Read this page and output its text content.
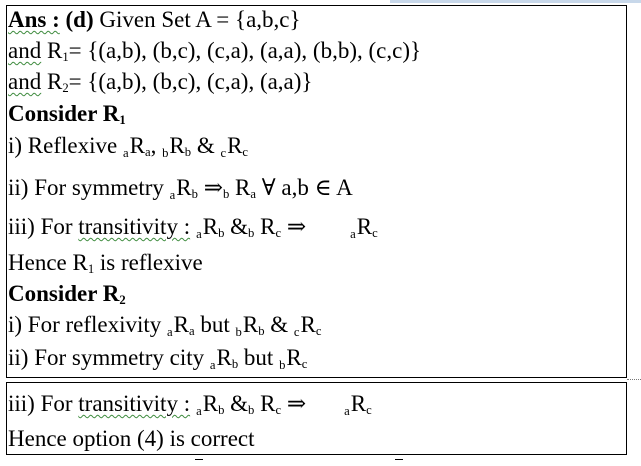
Ans : (d) Given Set A = {a,b,c}
and $R_1= \{(a,b)$, (b,c), (c,a), (a,a), (b,b), (c,c)}
and $R_2= \{(a,b)$, (b,c), (c,a), (a,a)}
Consider $R_1$
i) Reflexive $aR_a$, $bR_b$ & $cR_c$
ii) For symmetry $aR_b$ $\Rightarrow_b$ $R_a$ ∀ a,b ∈ A
iii) For transitivity : $aR_b$ $\&_b$ $R_c$ ⇒	$aR_c$
Hence $R_1$ is reflexive
Consider $R_2$
i) For reflexivity $aR_a$ but $bR_b$ & $cR_c$
ii) For symmetry city $aR_b$ but $bR_c$
iii) For transitivity : $aR_b$ $\&_b$ $R_c$ ⇒	$aR_c$
Hence option (4) is correct
